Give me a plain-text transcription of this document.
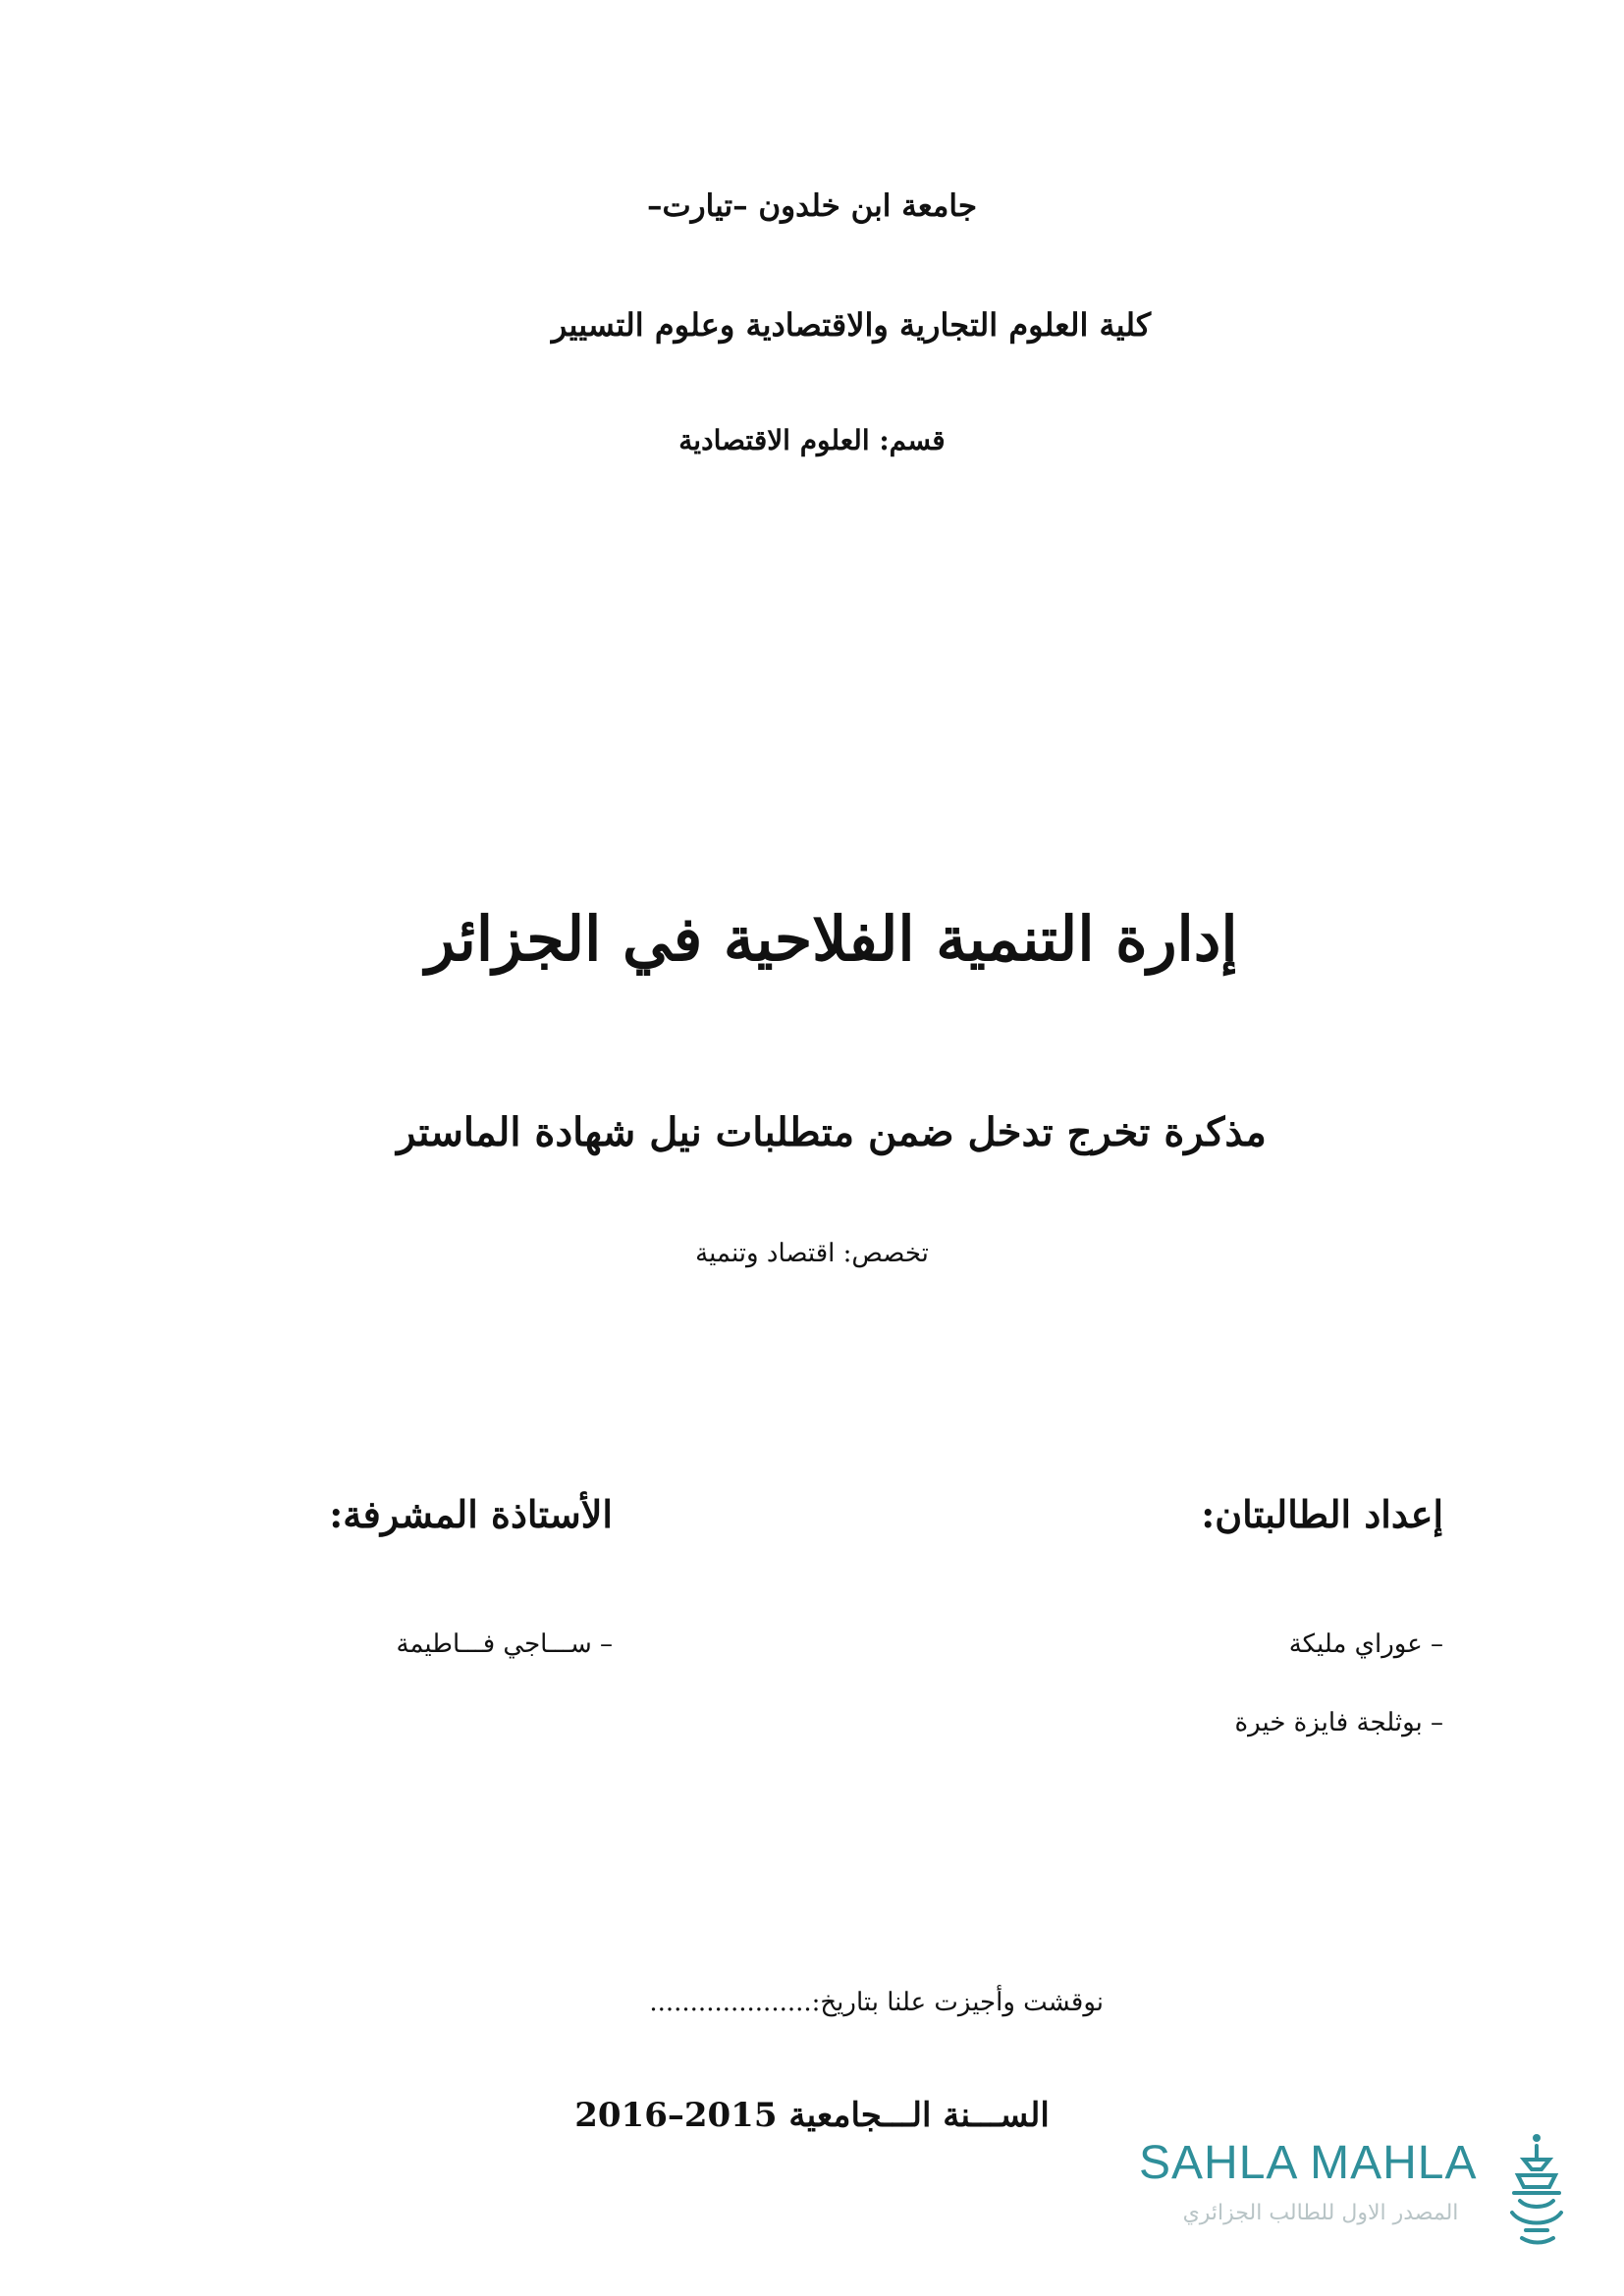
جامعة ابن خلدون –تيارت–
كلية العلوم التجارية والاقتصادية وعلوم التسيير
قسم: العلوم الاقتصادية
إدارة التنمية الفلاحية في الجزائر
مذكرة تخرج تدخل ضمن متطلبات نيل شهادة الماستر
تخصص: اقتصاد وتنمية
إعداد الطالبتان:
الأستاذة المشرفة:
– عوراي مليكة
– بوثلجة فايزة خيرة
– ســـاجي فـــاطيمة
نوقشت وأجيزت علنا بتاريخ:....................
الســـنة الـــجامعية 2015–2016
SAHLA MAHLA
المصدر الاول للطالب الجزائري
